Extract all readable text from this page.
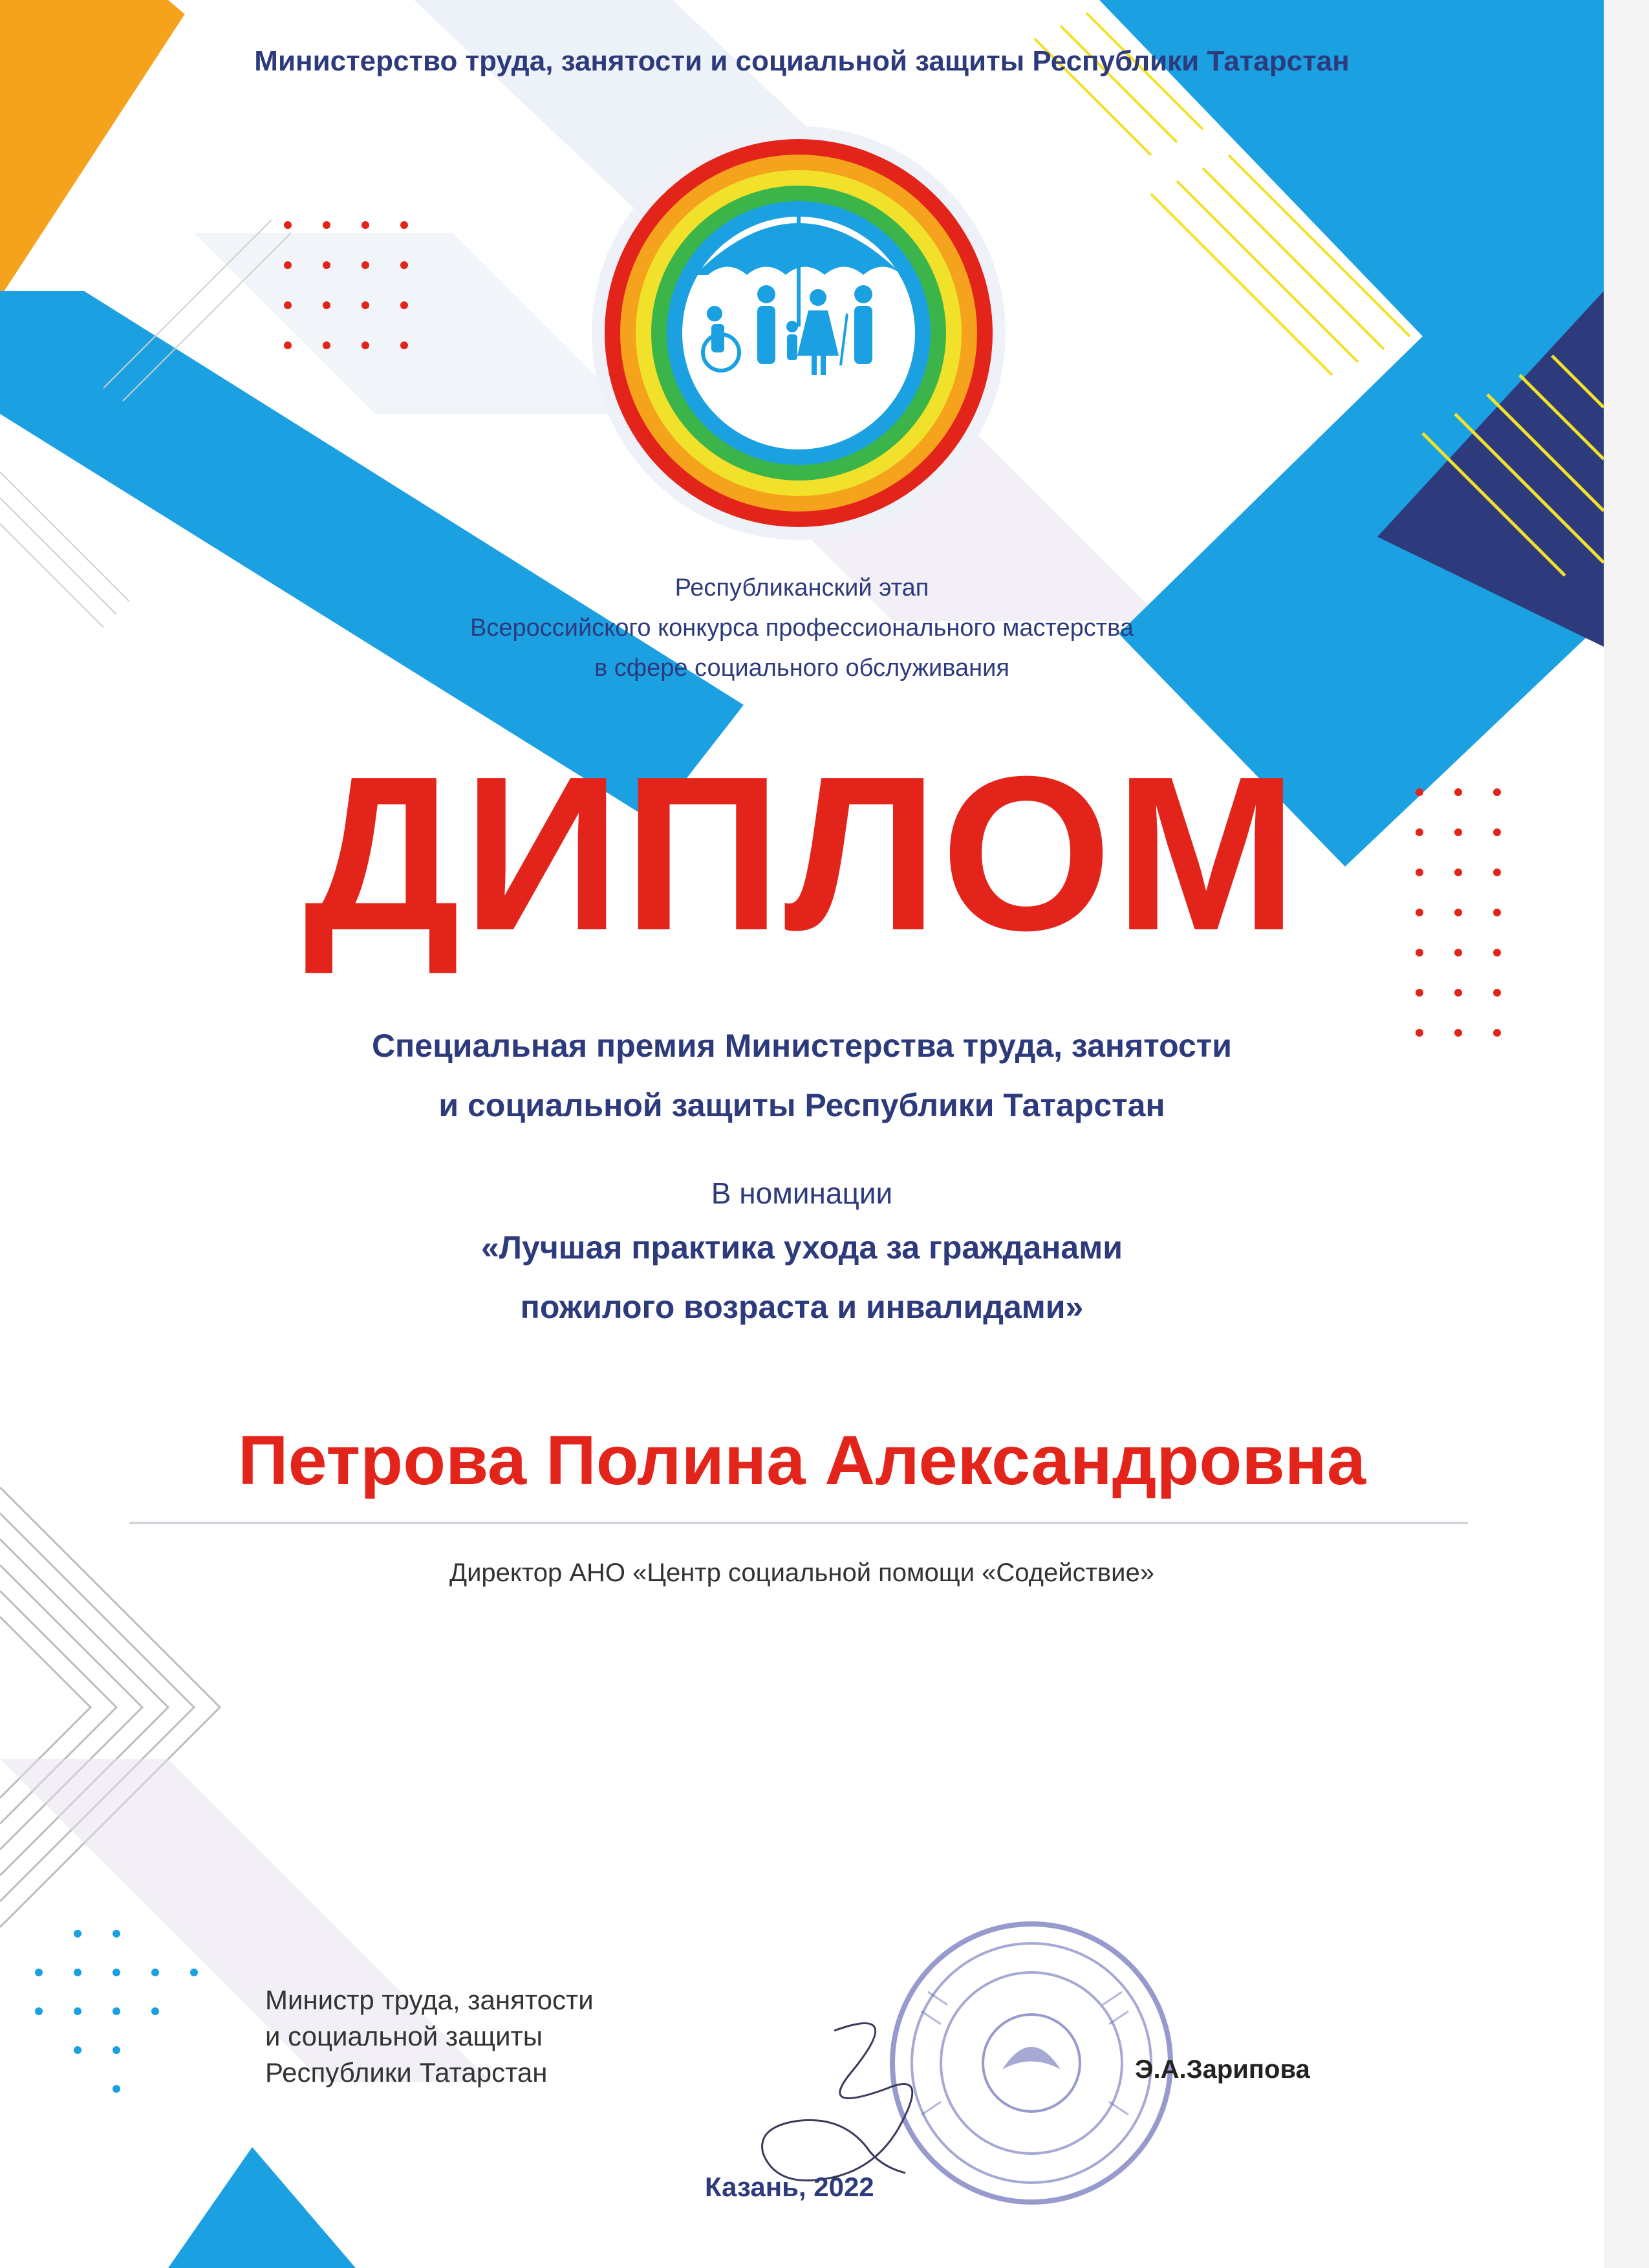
Министерство труда, занятости и социальной защиты Республики Татарстан
Республиканский этап
Всероссийского конкурса профессионального мастерства
в сфере социального обслуживания
ДИПЛОМ
Специальная премия Министерства труда, занятости
и социальной защиты Республики Татарстан
В номинации
«Лучшая практика ухода за гражданами
пожилого возраста и инвалидами»
Петрова Полина Александровна
Директор АНО «Центр социальной помощи «Содействие»
Министр труда, занятости
и социальной защиты
Республики Татарстан	Э.А.Зарипова
Казань, 2022
